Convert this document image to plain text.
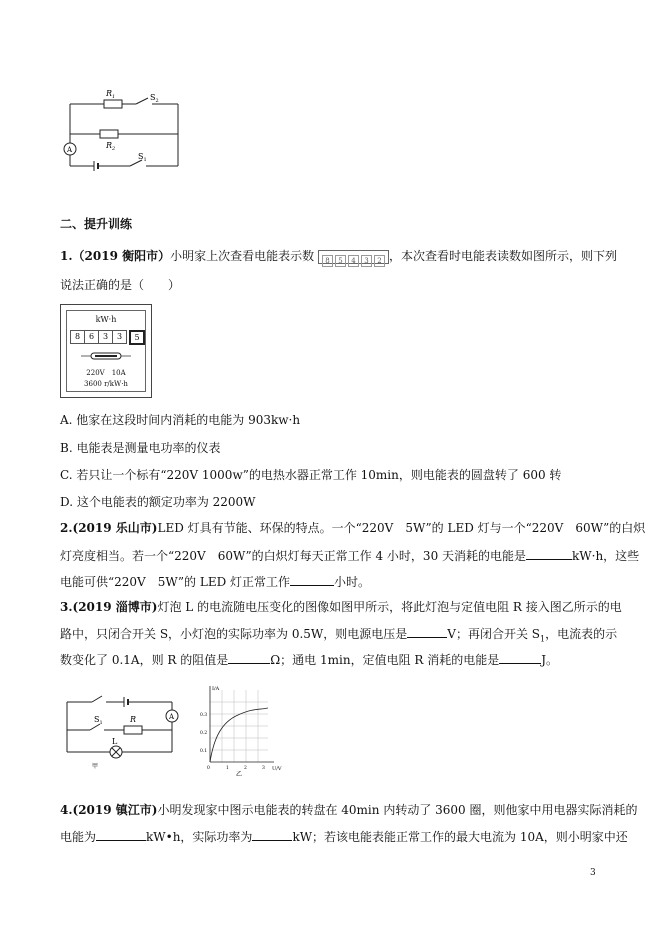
$R_1$	$S_2$
$R_2$
$S_1$
A
二、提升训练
1.（2019 衡阳市）小明家上次查看电能表示数 8 5 4 3 2 ，本次查看时电能表读数如图所示，则下列
说法正确的是（　　）
kW·h
8	6	3	3	5
220V　10A
3600 r/kW·h
A. 他家在这段时间内消耗的电能为 903kw·h
B. 电能表是测量电功率的仪表
C. 若只让一个标有“220V 1000w”的电热水器正常工作 10min，则电能表的圆盘转了 600 转
D. 这个电能表的额定功率为 2200W
2.(2019 乐山市)LED 灯具有节能、环保的特点。一个“220V　5W”的 LED 灯与一个“220V　60W”的白炽
灯亮度相当。若一个“220V　60W”的白炽灯每天正常工作 4 小时，30 天消耗的电能是	kW·h，这些
电能可供“220V　5W”的 LED 灯正常工作	小时。
3.(2019 淄博市)灯泡 L 的电流随电压变化的图像如图甲所示，将此灯泡与定值电阻 R 接入图乙所示的电
路中，只闭合开关 S，小灯泡的实际功率为 0.5W，则电源电压是	V；再闭合开关 $S_1$，电流表的示
数变化了 0.1A，则 R 的阻值是	Ω；通电 1min，定值电阻 R 消耗的电能是	J。
A
$S_1$	R
L
甲
I/A
U/V
0.3
0.2
0.1
0	1	2	3
乙
4.(2019 镇江市)小明发现家中图示电能表的转盘在 40min 内转动了 3600 圈，则他家中用电器实际消耗的
电能为	kW•h，实际功率为	kW；若该电能表能正常工作的最大电流为 10A，则小明家中还
3
